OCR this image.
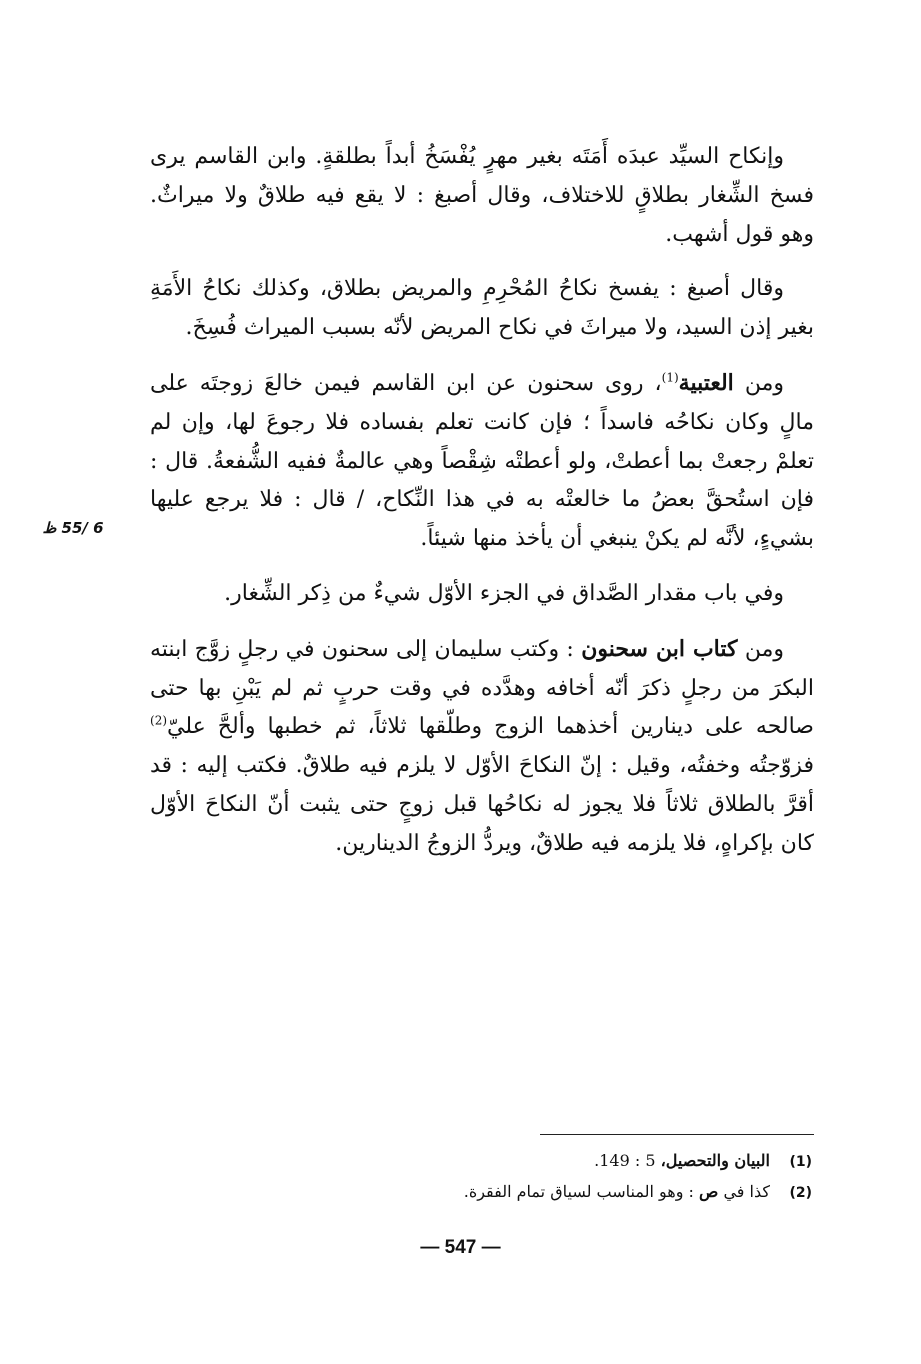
وإنكاح السيِّد عبدَه أَمَتَه بغير مهرٍ يُفْسَخُ أبداً بطلقةٍ. وابن القاسم يرى فسخ الشِّغار بطلاقٍ للاختلاف، وقال أصبغ : لا يقع فيه طلاقٌ ولا ميراثٌ. وهو قول أشهب.

وقال أصبغ : يفسخ نكاحُ المُحْرِمِ والمريض بطلاق، وكذلك نكاحُ الأَمَةِ بغير إذن السيد، ولا ميراثَ في نكاح المريض لأنّه بسبب الميراث فُسِخَ.

ومن العتبية$^{(1)}$، روى سحنون عن ابن القاسم فيمن خالعَ زوجتَه على مالٍ وكان نكاحُه فاسداً ؛ فإن كانت تعلم بفساده فلا رجوعَ لها، وإن لم تعلمْ رجعتْ بما أعطتْ، ولو أعطتْه شِقْصاً وهي عالمةٌ ففيه الشُّفعةُ. قال : فإن استُحقَّ بعضُ ما خالعتْه به في هذا النِّكاح، / قال : فلا يرجع عليها بشيءٍ، لأنَّه لم يكنْ ينبغي أن يأخذ منها شيئاً.

وفي باب مقدار الصَّداق في الجزء الأوّل شيءٌ من ذِكر الشِّغار.

ومن كتاب ابن سحنون : وكتب سليمان إلى سحنون في رجلٍ زوَّج ابنته البكرَ من رجلٍ ذكرَ أنّه أخافه وهدَّده في وقت حربٍ ثم لم يَبْنِ بها حتى صالحه على دينارين أخذهما الزوج وطلّقها ثلاثاً، ثم خطبها وألحَّ عليّ$^{(2)}$ فزوّجتُه وخفتُه، وقيل : إنّ النكاحَ الأوّل لا يلزم فيه طلاقٌ. فكتب إليه : قد أقرَّ بالطلاق ثلاثاً فلا يجوز له نكاحُها قبل زوجٍ حتى يثبت أنّ النكاحَ الأوّل كان بإكراهٍ، فلا يلزمه فيه طلاقٌ، ويردُّ الزوجُ الدينارين.

6 /55 ظ
(1)البيان والتحصيل، 5 : 149.
(2)كذا في ص : وهو المناسب لسياق تمام الفقرة.
— 547 —
